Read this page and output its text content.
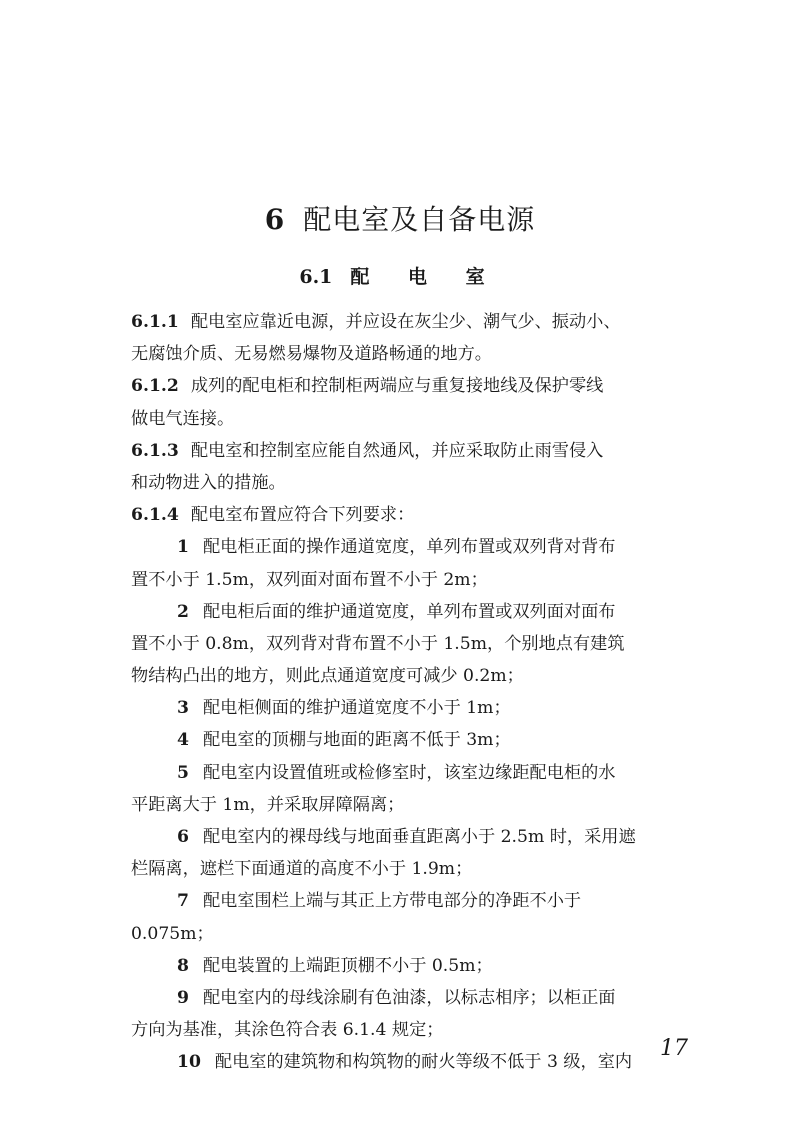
6 配电室及自备电源
6.1 配 电 室
6.1.1 配电室应靠近电源，并应设在灰尘少、潮气少、振动小、
无腐蚀介质、无易燃易爆物及道路畅通的地方。
6.1.2 成列的配电柜和控制柜两端应与重复接地线及保护零线
做电气连接。
6.1.3 配电室和控制室应能自然通风，并应采取防止雨雪侵入
和动物进入的措施。
6.1.4 配电室布置应符合下列要求：
1 配电柜正面的操作通道宽度，单列布置或双列背对背布
置不小于 1.5m，双列面对面布置不小于 2m；
2 配电柜后面的维护通道宽度，单列布置或双列面对面布
置不小于 0.8m，双列背对背布置不小于 1.5m，个别地点有建筑
物结构凸出的地方，则此点通道宽度可减少 0.2m；
3 配电柜侧面的维护通道宽度不小于 1m；
4 配电室的顶棚与地面的距离不低于 3m；
5 配电室内设置值班或检修室时，该室边缘距配电柜的水
平距离大于 1m，并采取屏障隔离；
6 配电室内的裸母线与地面垂直距离小于 2.5m 时，采用遮
栏隔离，遮栏下面通道的高度不小于 1.9m；
7 配电室围栏上端与其正上方带电部分的净距不小于
0.075m；
8 配电装置的上端距顶棚不小于 0.5m；
9 配电室内的母线涂刷有色油漆，以标志相序；以柜正面
方向为基准，其涂色符合表 6.1.4 规定；
10 配电室的建筑物和构筑物的耐火等级不低于 3 级，室内
17
